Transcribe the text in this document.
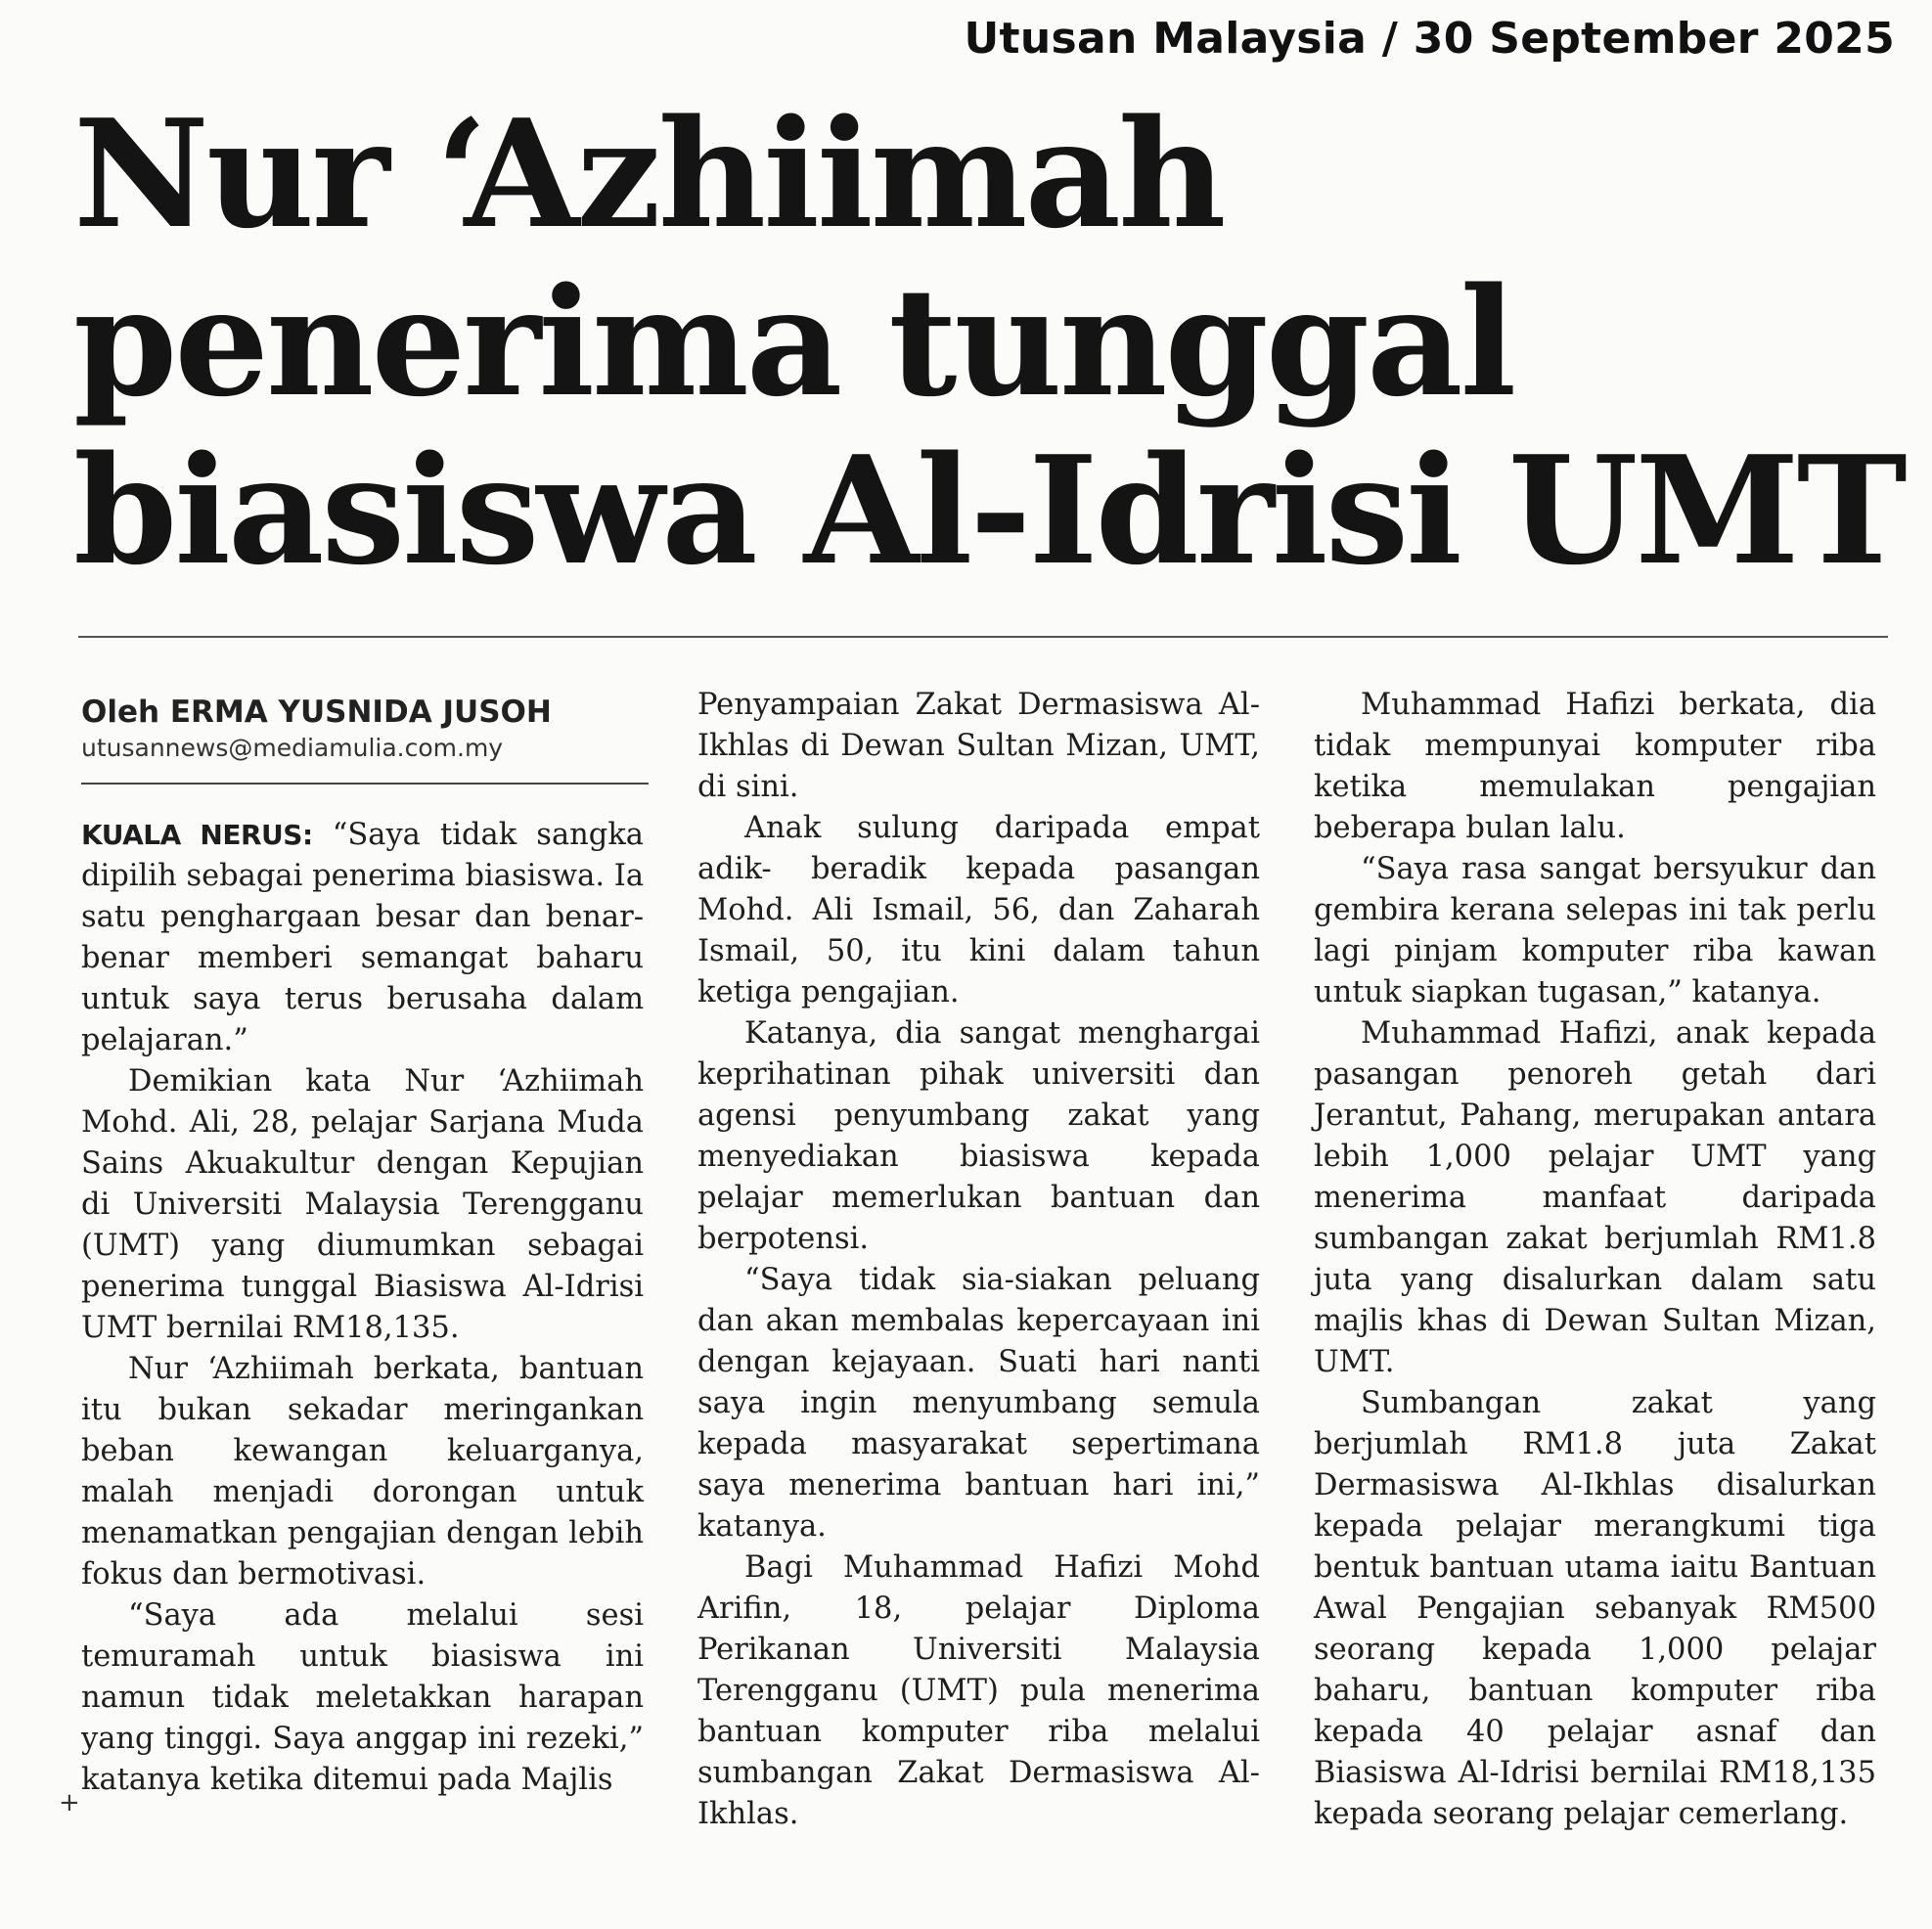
Utusan Malaysia / 30 September 2025
Nur ‘Azhiimah
penerima tunggal
biasiswa Al-Idrisi UMT
Oleh ERMA YUSNIDA JUSOH
utusannews@mediamulia.com.my

KUALA NERUS: “Saya tidak sangka dipilih sebagai penerima biasiswa. Ia satu penghargaan besar dan benar-benar memberi semangat baharu untuk saya terus berusaha dalam pelajaran.”

Demikian kata Nur ‘Azhiimah Mohd. Ali, 28, pelajar Sarjana Muda Sains Akuakultur dengan Kepujian di Universiti Malaysia Terengganu (UMT) yang diumumkan sebagai penerima tunggal Biasiswa Al-Idrisi UMT bernilai RM18,135.

Nur ‘Azhiimah berkata, bantuan itu bukan sekadar meringankan beban kewangan keluarganya, malah menjadi dorongan untuk menamatkan pengajian dengan lebih fokus dan bermotivasi.

“Saya ada melalui sesi temuramah untuk biasiswa ini namun tidak meletakkan harapan yang tinggi. Saya anggap ini rezeki,” katanya ketika ditemui pada Majlis

+

Penyampaian Zakat Dermasiswa Al-Ikhlas di Dewan Sultan Mizan, UMT, di sini.

Anak sulung daripada empat adik- beradik kepada pasangan Mohd. Ali Ismail, 56, dan Zaharah Ismail, 50, itu kini dalam tahun ketiga pengajian.

Katanya, dia sangat menghargai keprihatinan pihak universiti dan agensi penyumbang zakat yang menyediakan biasiswa kepada pelajar memerlukan bantuan dan berpotensi.

“Saya tidak sia-siakan peluang dan akan membalas kepercayaan ini dengan kejayaan. Suati hari nanti saya ingin menyumbang semula kepada masyarakat sepertimana saya menerima bantuan hari ini,” katanya.

Bagi Muhammad Hafizi Mohd Arifin, 18, pelajar Diploma Perikanan Universiti Malaysia Terengganu (UMT) pula menerima bantuan komputer riba melalui sumbangan Zakat Dermasiswa Al-Ikhlas.

Muhammad Hafizi berkata, dia tidak mempunyai komputer riba ketika memulakan pengajian beberapa bulan lalu.

“Saya rasa sangat bersyukur dan gembira kerana selepas ini tak perlu lagi pinjam komputer riba kawan untuk siapkan tugasan,” katanya.

Muhammad Hafizi, anak kepada pasangan penoreh getah dari Jerantut, Pahang, merupakan antara lebih 1,000 pelajar UMT yang menerima manfaat daripada sumbangan zakat berjumlah RM1.8 juta yang disalurkan dalam satu majlis khas di Dewan Sultan Mizan, UMT.

Sumbangan zakat yang berjumlah RM1.8 juta Zakat Dermasiswa Al-Ikhlas disalurkan kepada pelajar merangkumi tiga bentuk bantuan utama iaitu Bantuan Awal Pengajian sebanyak RM500 seorang kepada 1,000 pelajar baharu, bantuan komputer riba kepada 40 pelajar asnaf dan Biasiswa Al-Idrisi bernilai RM18,135 kepada seorang pelajar cemerlang.
